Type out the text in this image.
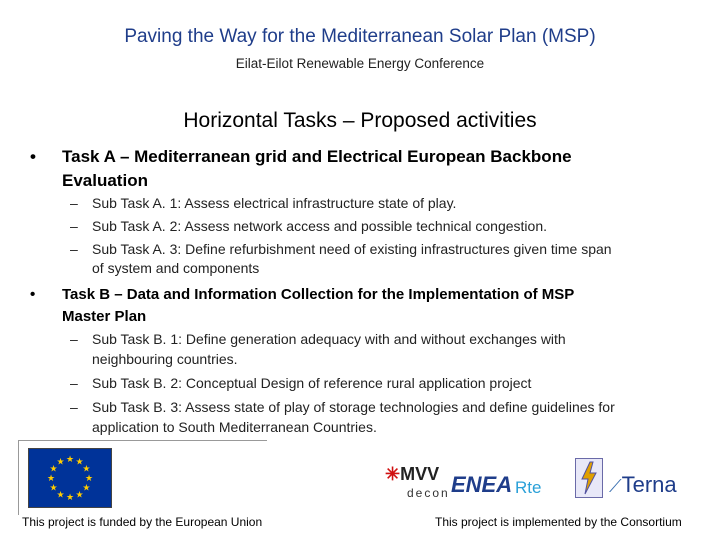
Paving the Way for the Mediterranean Solar Plan (MSP)
Eilat-Eilot Renewable Energy Conference
Horizontal Tasks – Proposed activities
• Task A – Mediterranean grid and Electrical European Backbone
Evaluation
– Sub Task A. 1: Assess electrical infrastructure state of play.
– Sub Task A. 2: Assess network access and possible technical congestion.
– Sub Task A. 3: Define refurbishment need of existing infrastructures given time span
of system and components
• Task B – Data and Information Collection for the Implementation of MSP
Master Plan
– Sub Task B. 1: Define generation adequacy with and without exchanges with
neighbouring countries.
– Sub Task B. 2: Conceptual Design of reference rural application project
– Sub Task B. 3: Assess state of play of storage technologies and define guidelines for
application to South Mediterranean Countries.
★ ★
★
★
★
★
★
★
★
★
★
★
✳MVV
decon ENEA Rte	⟋Terna
This project is funded by the European Union	This project is implemented by the Consortium
